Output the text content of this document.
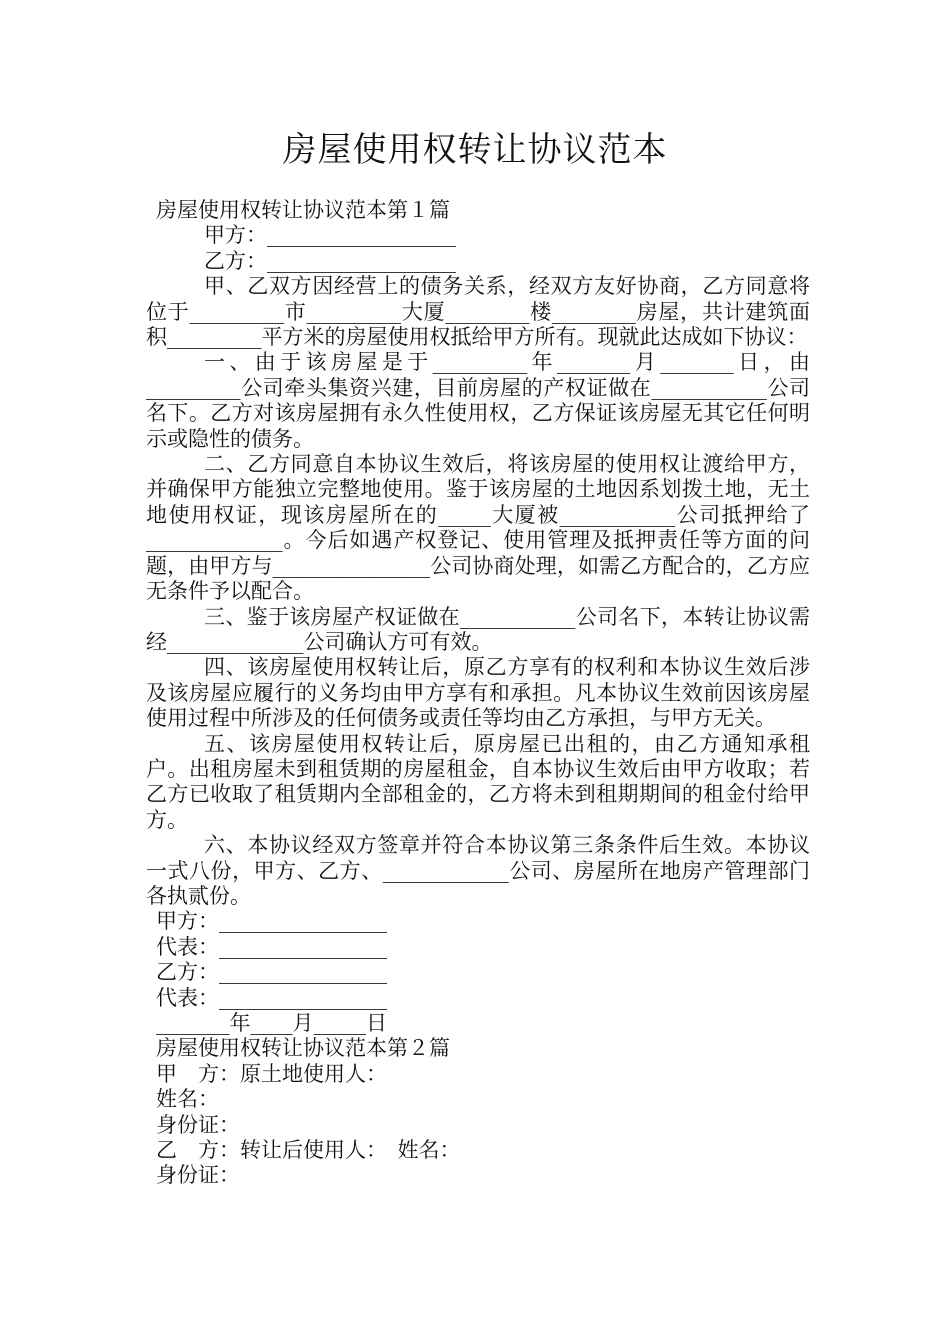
房屋使用权转让协议范本

房屋使用权转让协议范本第１篇

甲方：__________________

乙方：__________________

甲、乙双方因经营上的债务关系，经双方友好协商，乙方同意将位于_________市_________大厦________楼________房屋，共计建筑面积_________平方米的房屋使用权抵给甲方所有。现就此达成如下协议：

一、由于该房屋是于_________年_______月_______日，由_________公司牵头集资兴建，目前房屋的产权证做在___________公司名下。乙方对该房屋拥有永久性使用权，乙方保证该房屋无其它任何明示或隐性的债务。

二、乙方同意自本协议生效后，将该房屋的使用权让渡给甲方，并确保甲方能独立完整地使用。鉴于该房屋的土地因系划拨土地，无土地使用权证，现该房屋所在的_____大厦被___________公司抵押给了_____________。今后如遇产权登记、使用管理及抵押责任等方面的问题，由甲方与_______________公司协商处理，如需乙方配合的，乙方应无条件予以配合。

三、鉴于该房屋产权证做在___________公司名下，本转让协议需经_____________公司确认方可有效。

四、该房屋使用权转让后，原乙方享有的权利和本协议生效后涉及该房屋应履行的义务均由甲方享有和承担。凡本协议生效前因该房屋使用过程中所涉及的任何债务或责任等均由乙方承担，与甲方无关。

五、该房屋使用权转让后，原房屋已出租的，由乙方通知承租户。出租房屋未到租赁期的房屋租金，自本协议生效后由甲方收取；若乙方已收取了租赁期内全部租金的，乙方将未到租期期间的租金付给甲方。

六、本协议经双方签章并符合本协议第三条条件后生效。本协议一式八份，甲方、乙方、____________公司、房屋所在地房产管理部门各执贰份。

甲方：________________

代表：________________

乙方：________________

代表：________________

_______年____月_____日

房屋使用权转让协议范本第２篇

甲　方：原土地使用人：

姓名：

身份证：

乙　方：转让后使用人：　姓名：

身份证：
